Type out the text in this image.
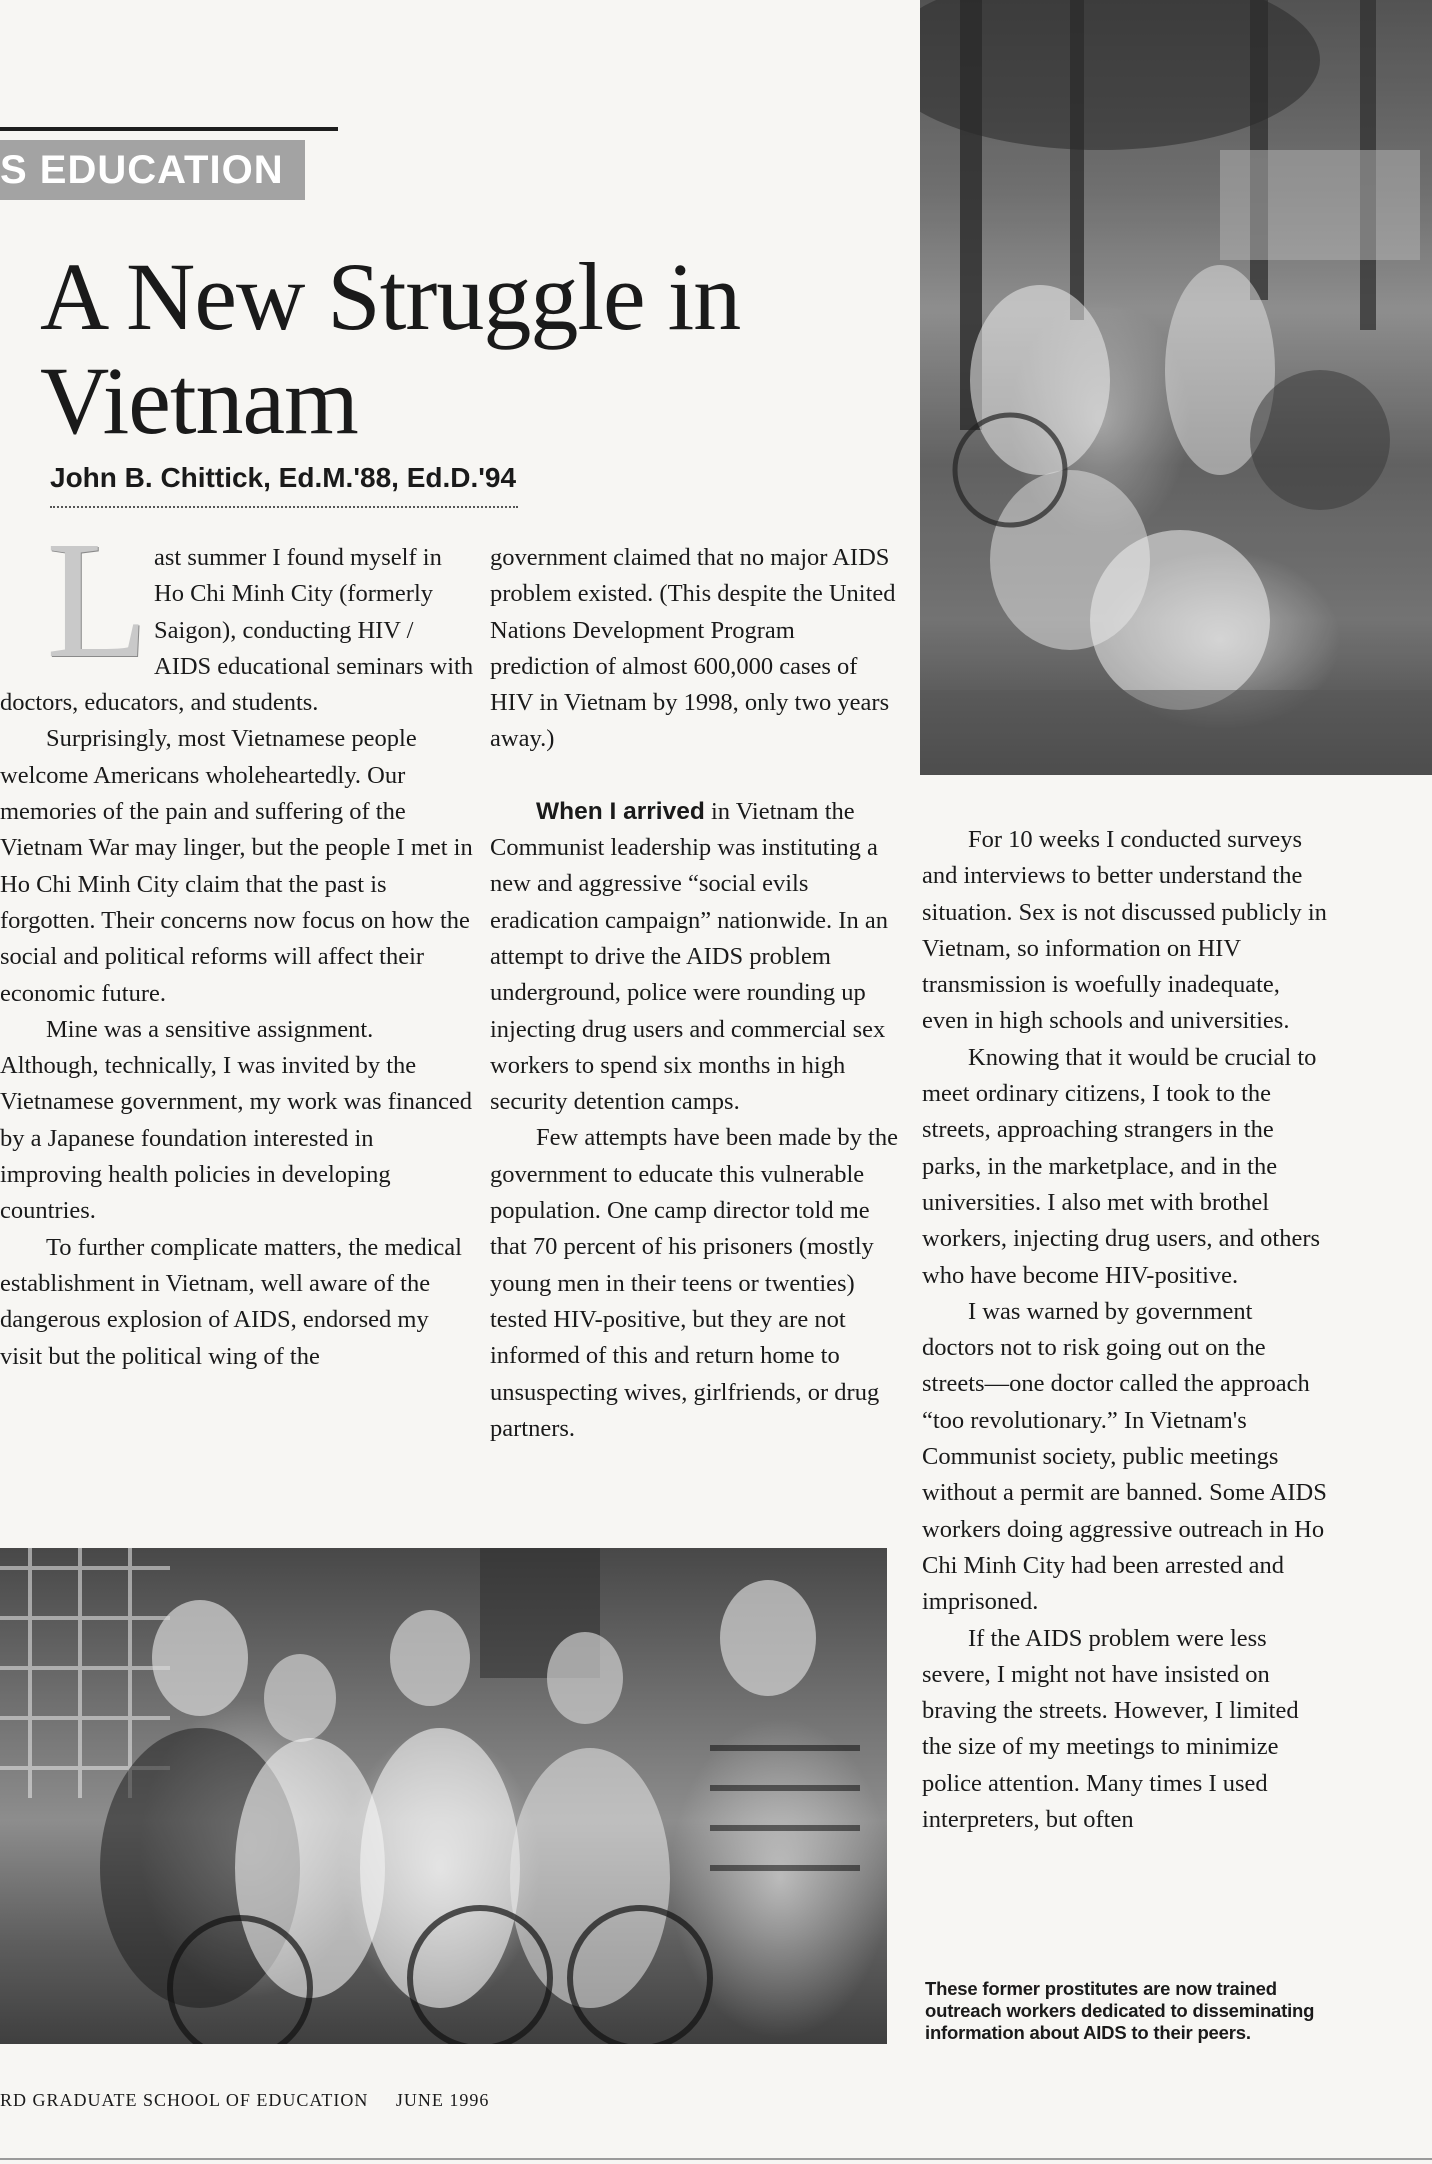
S EDUCATION
A New Struggle in Vietnam
John B. Chittick, Ed.M.'88, Ed.D.'94

L ast summer I found myself in Ho Chi Minh City (formerly Saigon), conducting HIV / AIDS educational seminars with doctors, educators, and students.

Surprisingly, most Vietnamese people welcome Americans wholeheartedly. Our memories of the pain and suffering of the Vietnam War may linger, but the people I met in Ho Chi Minh City claim that the past is forgotten. Their concerns now focus on how the social and political reforms will affect their economic future.

Mine was a sensitive assignment. Although, technically, I was invited by the Vietnamese government, my work was financed by a Japanese foundation interested in improving health policies in developing countries.

To further complicate matters, the medical establishment in Vietnam, well aware of the dangerous explosion of AIDS, endorsed my visit but the political wing of the

government claimed that no major AIDS problem existed. (This despite the United Nations Development Program prediction of almost 600,000 cases of HIV in Vietnam by 1998, only two years away.)

When I arrived in Vietnam the Communist leadership was instituting a new and aggressive “social evils eradication campaign” nationwide. In an attempt to drive the AIDS problem underground, police were rounding up injecting drug users and commercial sex workers to spend six months in high security detention camps.

Few attempts have been made by the government to educate this vulnerable population. One camp director told me that 70 percent of his prisoners (mostly young men in their teens or twenties) tested HIV-positive, but they are not informed of this and return home to unsuspecting wives, girlfriends, or drug partners.

For 10 weeks I conducted surveys and interviews to better understand the situation. Sex is not discussed publicly in Vietnam, so information on HIV transmission is woefully inadequate, even in high schools and universities.

Knowing that it would be crucial to meet ordinary citizens, I took to the streets, approaching strangers in the parks, in the marketplace, and in the universities. I also met with brothel workers, injecting drug users, and others who have become HIV-positive.

I was warned by government doctors not to risk going out on the streets—one doctor called the approach “too revolutionary.” In Vietnam's Communist society, public meetings without a permit are banned. Some AIDS workers doing aggressive outreach in Ho Chi Minh City had been arrested and imprisoned.

If the AIDS problem were less severe, I might not have insisted on braving the streets. However, I limited the size of my meetings to minimize police attention. Many times I used interpreters, but often

These former prostitutes are now trained outreach workers dedicated to disseminating information about AIDS to their peers.
RD GRADUATE SCHOOL OF EDUCATION JUNE 1996
